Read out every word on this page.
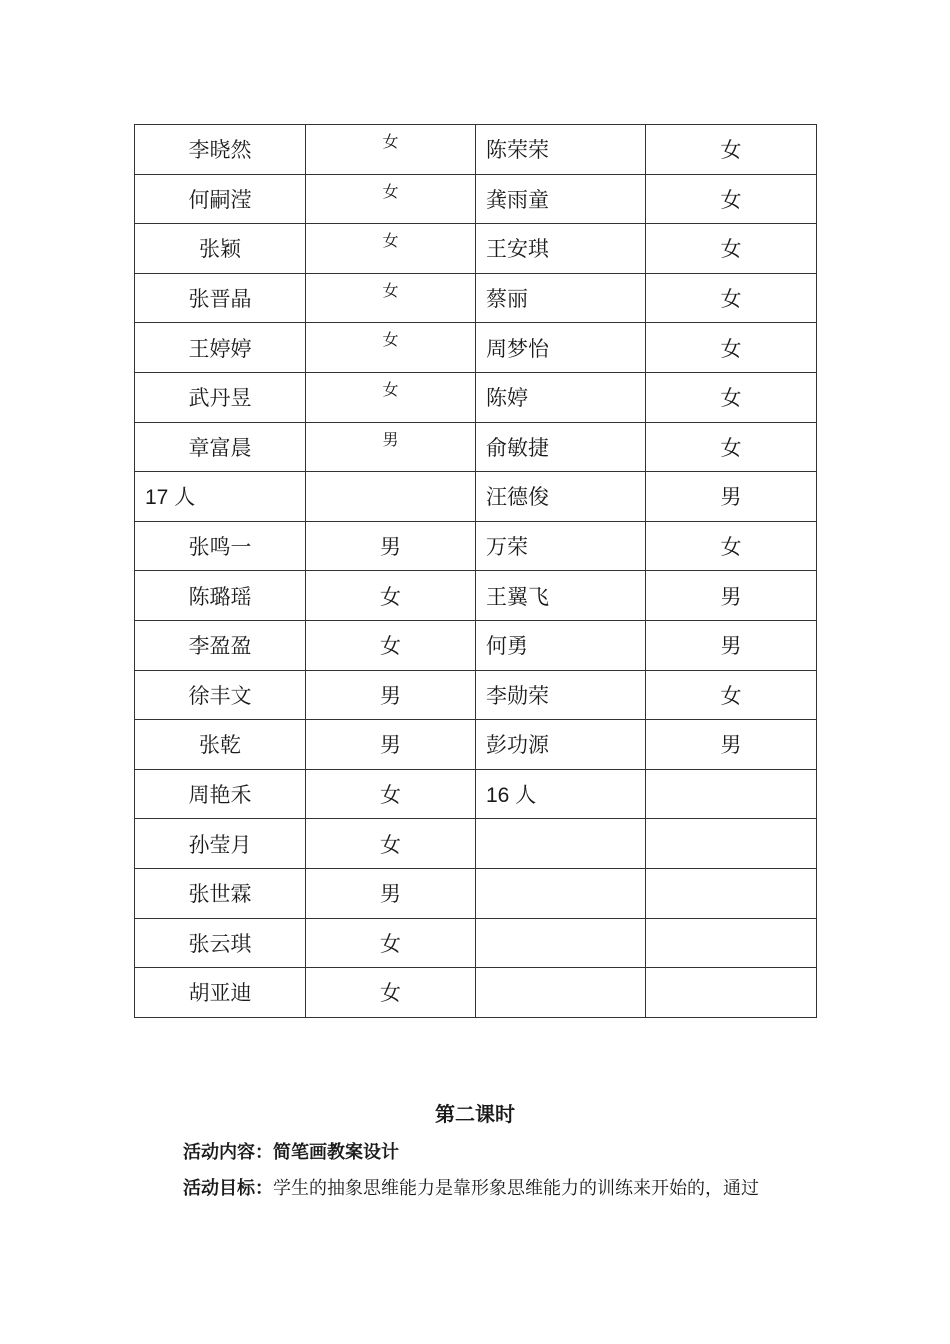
李晓然	女	陈荣荣	女
何嗣滢	女	龚雨童	女
张颖	女	王安琪	女
张晋晶	女	蔡丽	女
王婷婷	女	周梦怡	女
武丹昱	女	陈婷	女
章富晨	男	俞敏捷	女
17 人		汪德俊	男
张鸣一	男	万荣	女
陈璐瑶	女	王翼飞	男
李盈盈	女	何勇	男
徐丰文	男	李勋荣	女
张乾	男	彭功源	男
周艳禾	女	16 人	
孙莹月	女		
张世霖	男		
张云琪	女		
胡亚迪	女		
第二课时
活动内容：简笔画教案设计
活动目标：学生的抽象思维能力是靠形象思维能力的训练来开始的，通过
